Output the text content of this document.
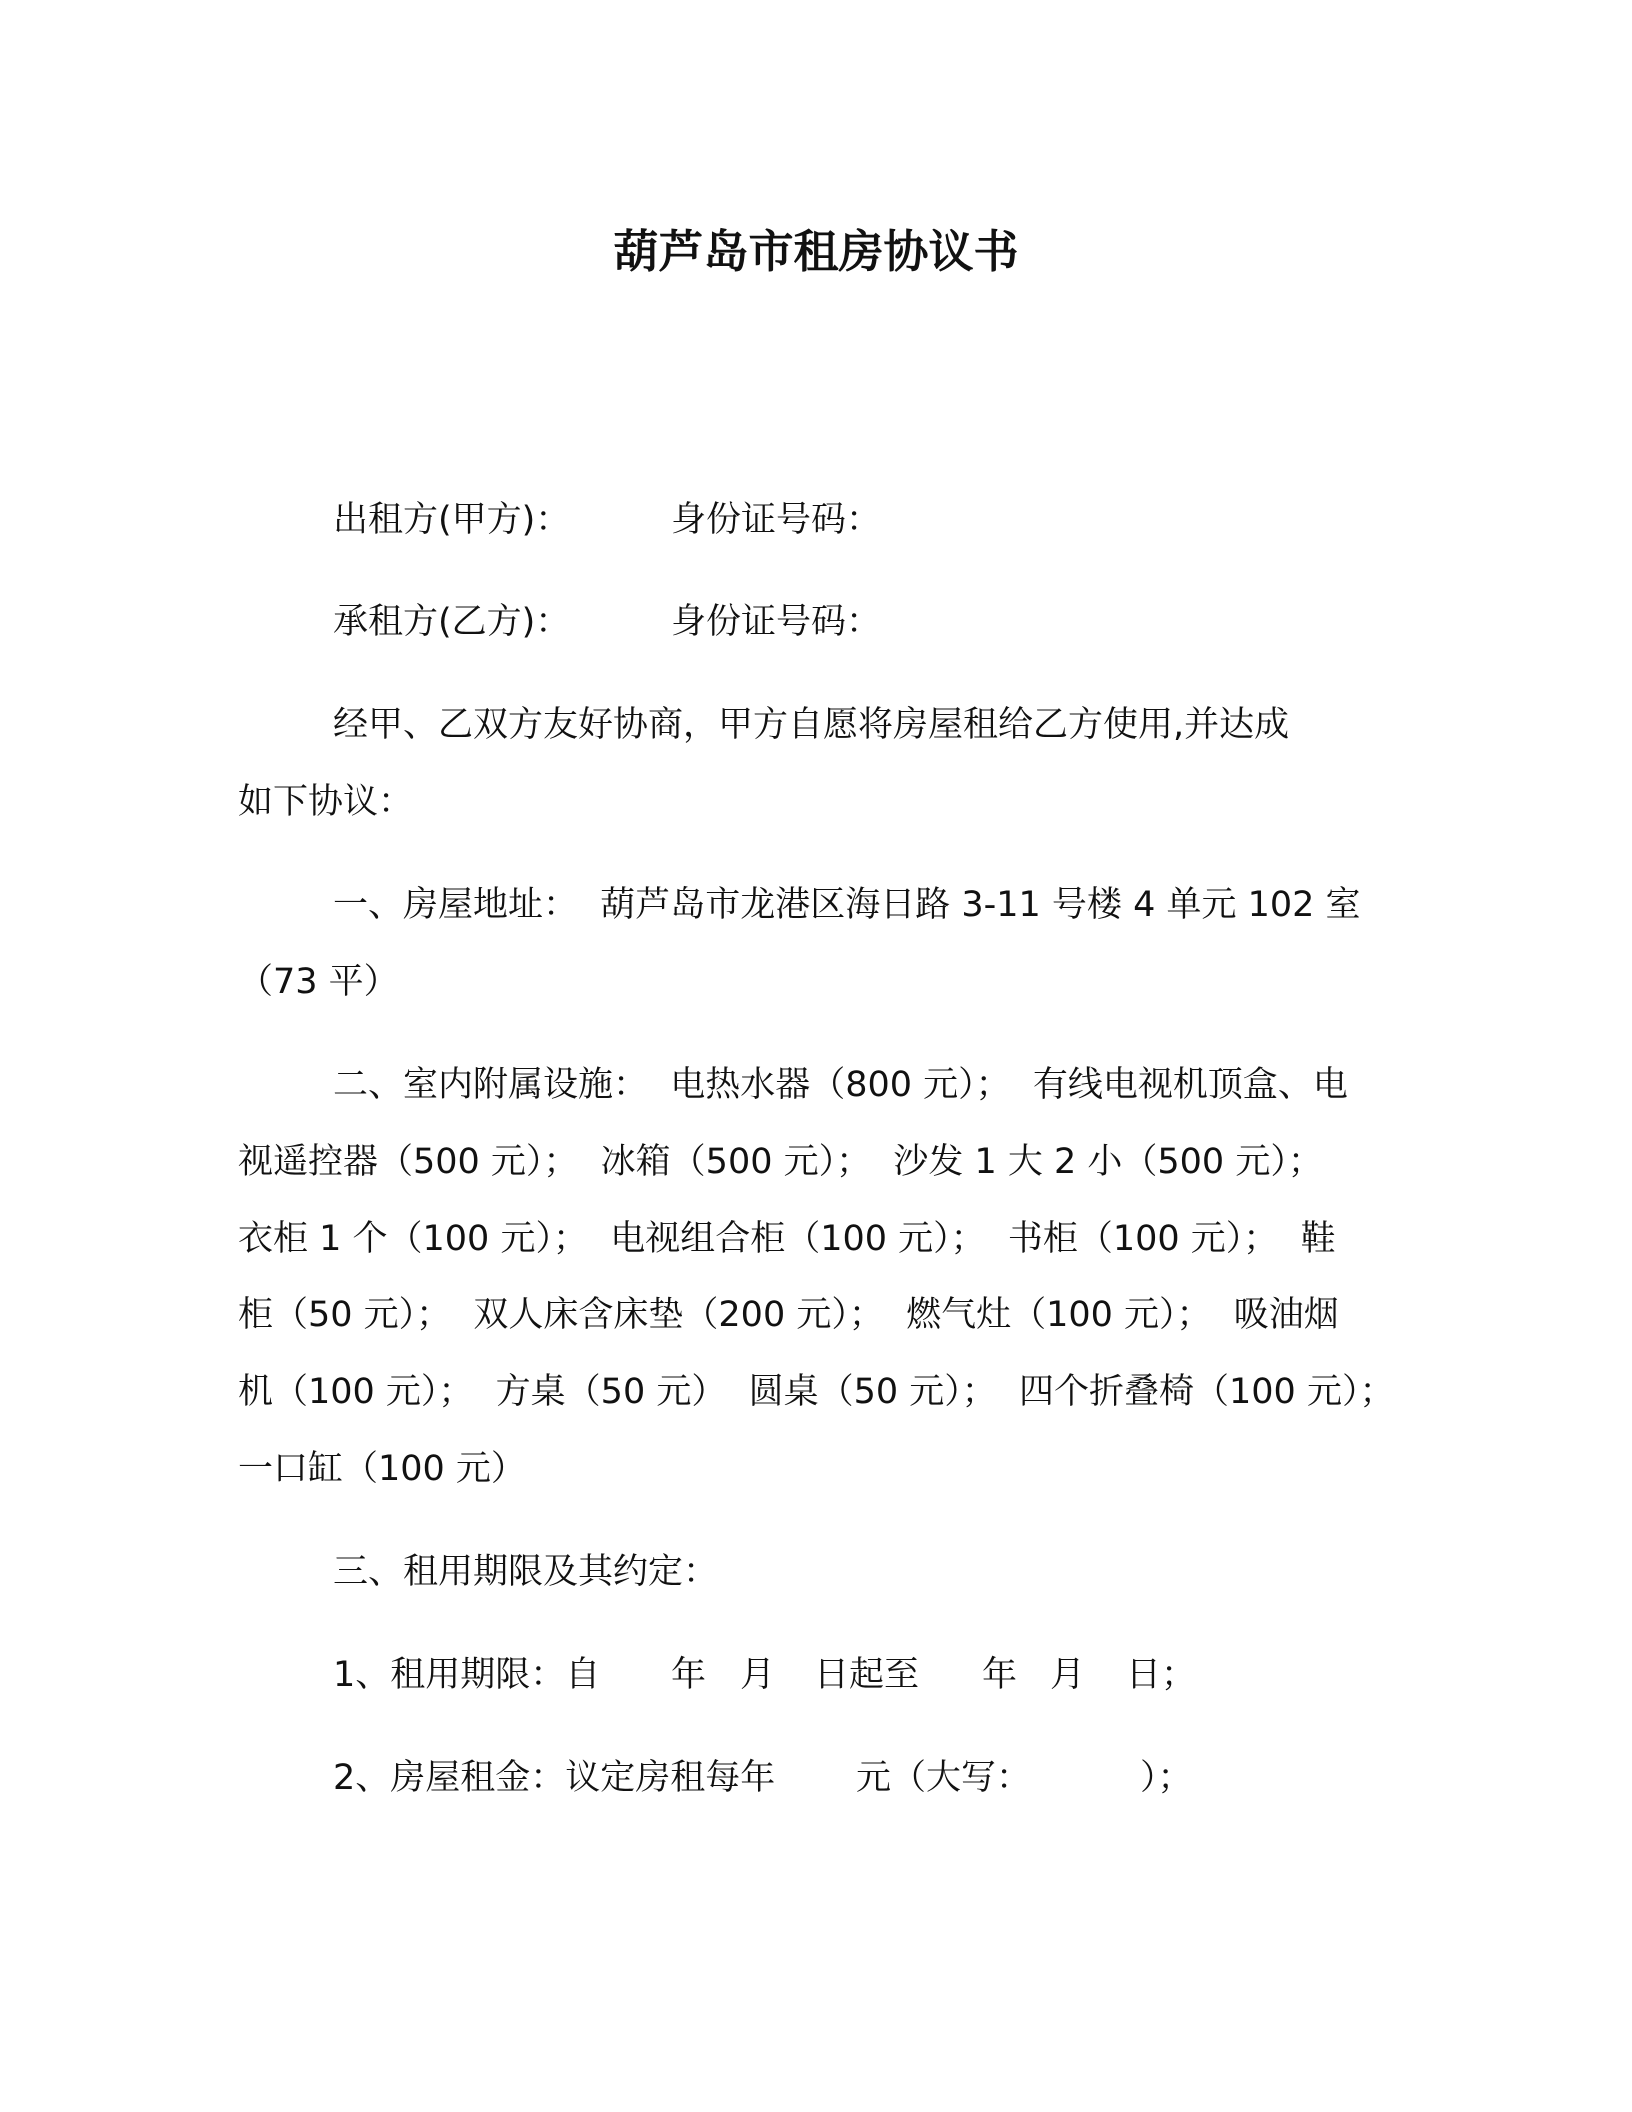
葫芦岛市租房协议书
出租方(甲方)：	身份证号码：
承租方(乙方)：	身份证号码：
经甲、乙双方友好协商，甲方自愿将房屋租给乙方使用,并达成
如下协议：
一、房屋地址：  葫芦岛市龙港区海日路 3-11 号楼 4 单元 102 室
（73 平）
二、室内附属设施：  电热水器（800 元）；  有线电视机顶盒、电
视遥控器（500 元）；  冰箱（500 元）；  沙发 1 大 2 小（500 元）；
衣柜 1 个（100 元）；  电视组合柜（100 元）；  书柜（100 元）；  鞋
柜（50 元）；  双人床含床垫（200 元）；  燃气灶（100 元）；  吸油烟
机（100 元）；  方桌（50 元）  圆桌（50 元）；  四个折叠椅（100 元）；
一口缸（100 元）
三、租用期限及其约定：
1、租用期限：自 年 月 日起至 年 月 日；
2、房屋租金：议定房租每年 元（大写：	）；
